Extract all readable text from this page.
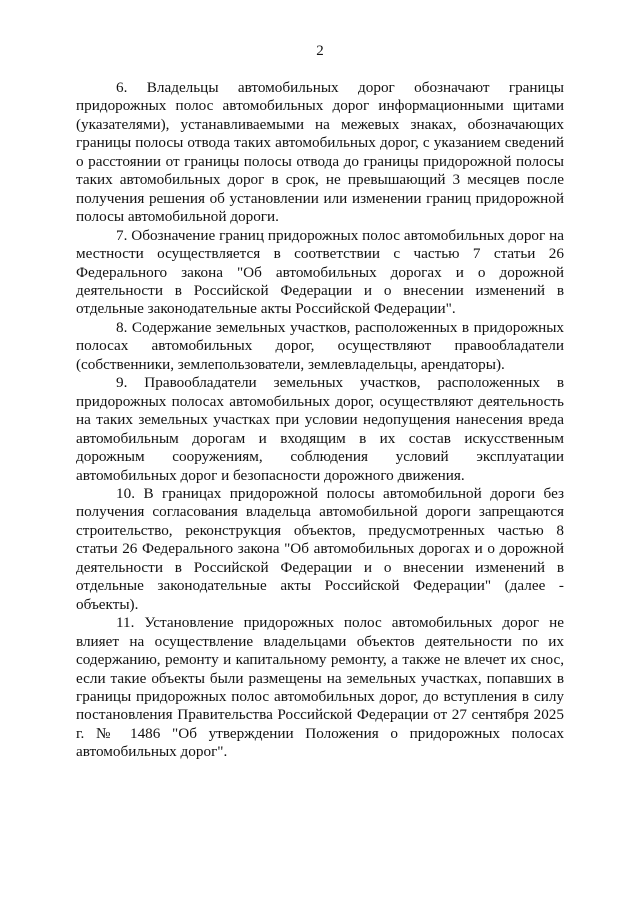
2

6. Владельцы автомобильных дорог обозначают границы придорожных полос автомобильных дорог информационными щитами (указателями), устанавливаемыми на межевых знаках, обозначающих границы полосы отвода таких автомобильных дорог, с указанием сведений о расстоянии от границы полосы отвода до границы придорожной полосы таких автомобильных дорог в срок, не превышающий 3 месяцев после получения решения об установлении или изменении границ придорожной полосы автомобильной дороги.

7. Обозначение границ придорожных полос автомобильных дорог на местности осуществляется в соответствии с частью 7 статьи 26 Федерального закона "Об автомобильных дорогах и о дорожной деятельности в Российской Федерации и о внесении изменений в отдельные законодательные акты Российской Федерации".

8. Содержание земельных участков, расположенных в придорожных полосах автомобильных дорог, осуществляют правообладатели (собственники, землепользователи, землевладельцы, арендаторы).

9. Правообладатели земельных участков, расположенных в придорожных полосах автомобильных дорог, осуществляют деятельность на таких земельных участках при условии недопущения нанесения вреда автомобильным дорогам и входящим в их состав искусственным дорожным сооружениям, соблюдения условий эксплуатации автомобильных дорог и безопасности дорожного движения.

10. В границах придорожной полосы автомобильной дороги без получения согласования владельца автомобильной дороги запрещаются строительство, реконструкция объектов, предусмотренных частью 8 статьи 26 Федерального закона "Об автомобильных дорогах и о дорожной деятельности в Российской Федерации и о внесении изменений в отдельные законодательные акты Российской Федерации" (далее - объекты).

11. Установление придорожных полос автомобильных дорог не влияет на осуществление владельцами объектов деятельности по их содержанию, ремонту и капитальному ремонту, а также не влечет их снос, если такие объекты были размещены на земельных участках, попавших в границы придорожных полос автомобильных дорог, до вступления в силу постановления Правительства Российской Федерации от 27 сентября 2025 г. № 1486 "Об утверждении Положения о придорожных полосах автомобильных дорог".
